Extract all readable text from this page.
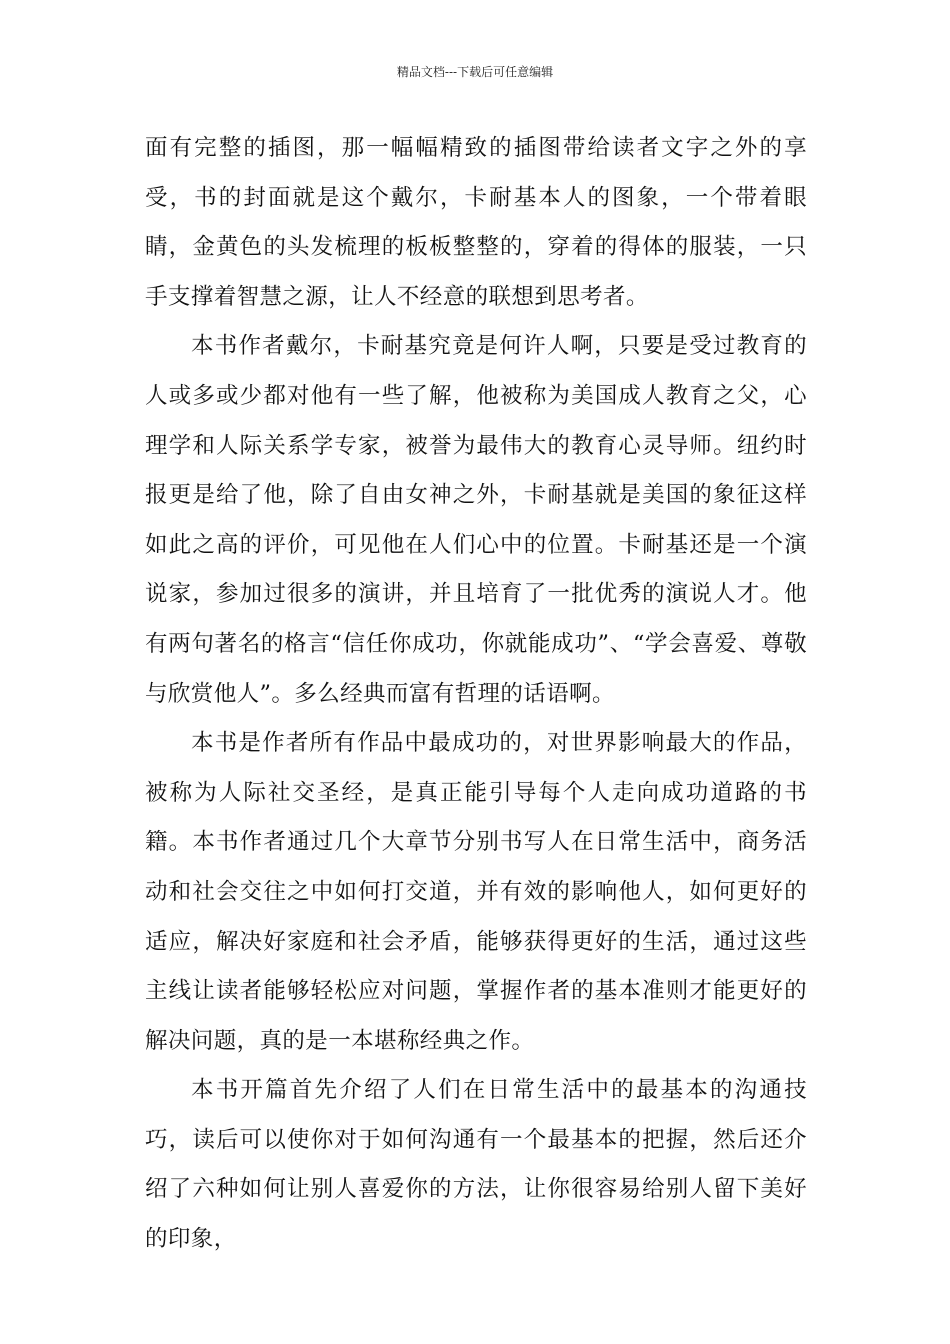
精品文档---下载后可任意编辑

面有完整的插图，那一幅幅精致的插图带给读者文字之外的享受，书的封面就是这个戴尔，卡耐基本人的图象，一个带着眼睛，金黄色的头发梳理的板板整整的，穿着的得体的服装，一只手支撑着智慧之源，让人不经意的联想到思考者。

本书作者戴尔，卡耐基究竟是何许人啊，只要是受过教育的人或多或少都对他有一些了解，他被称为美国成人教育之父，心理学和人际关系学专家，被誉为最伟大的教育心灵导师。纽约时报更是给了他，除了自由女神之外，卡耐基就是美国的象征这样如此之高的评价，可见他在人们心中的位置。卡耐基还是一个演说家，参加过很多的演讲，并且培育了一批优秀的演说人才。他有两句著名的格言“信任你成功，你就能成功”、“学会喜爱、尊敬与欣赏他人”。多么经典而富有哲理的话语啊。

本书是作者所有作品中最成功的，对世界影响最大的作品，被称为人际社交圣经，是真正能引导每个人走向成功道路的书籍。本书作者通过几个大章节分别书写人在日常生活中，商务活动和社会交往之中如何打交道，并有效的影响他人，如何更好的适应，解决好家庭和社会矛盾，能够获得更好的生活，通过这些主线让读者能够轻松应对问题，掌握作者的基本准则才能更好的解决问题，真的是一本堪称经典之作。

本书开篇首先介绍了人们在日常生活中的最基本的沟通技巧，读后可以使你对于如何沟通有一个最基本的把握，然后还介绍了六种如何让别人喜爱你的方法，让你很容易给别人留下美好的印象，
